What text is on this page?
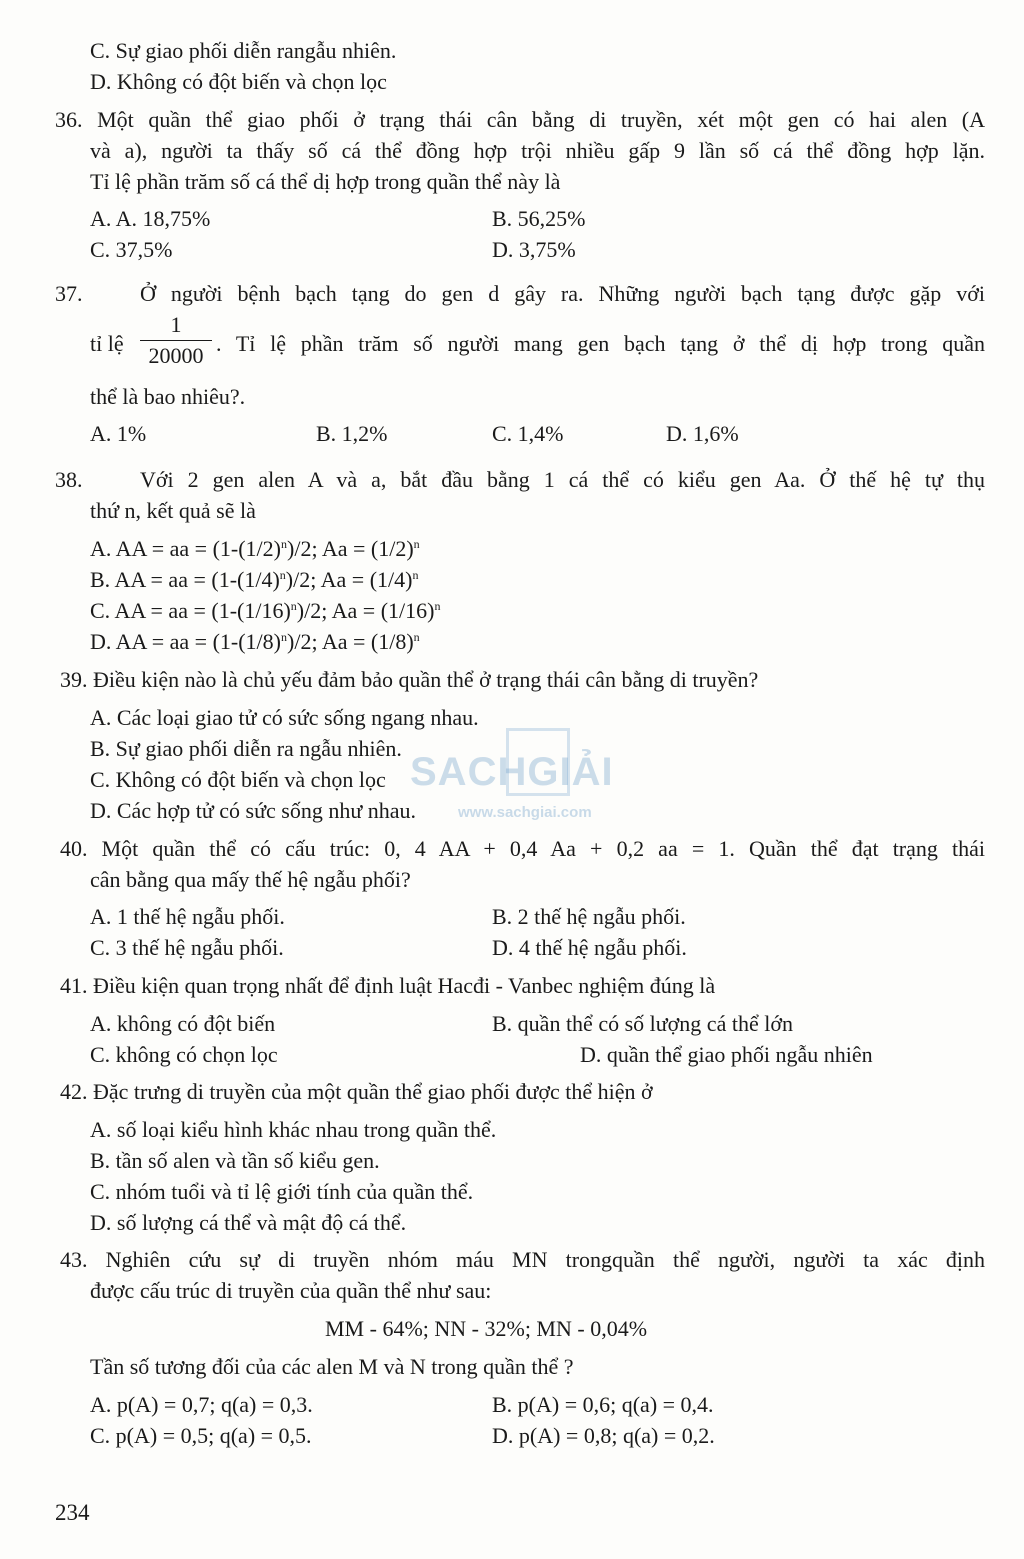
C. Sự giao phối diễn rangẫu nhiên.
D. Không có đột biến và chọn lọc
36. Một quần thể giao phối ở trạng thái cân bằng di truyền, xét một gen có hai alen (A
và a), người ta thấy số cá thể đồng hợp trội nhiều gấp 9 lần số cá thể đồng hợp lặn.
Tỉ lệ phần trăm số cá thể dị hợp trong quần thể này là
A. A. 18,75%	B. 56,25%
C. 37,5%	D. 3,75%
37.	Ở người bệnh bạch tạng do gen d gây ra. Những người bạch tạng được gặp với
tỉ lệ
1
20000 . Tỉ lệ phần trăm số người mang gen bạch tạng ở thể dị hợp trong quần
thể là bao nhiêu?.
A. 1%	B. 1,2%	C. 1,4%	D. 1,6%
38.	Với 2 gen alen A và a, bắt đầu bằng 1 cá thể có kiểu gen Aa. Ở thế hệ tự thụ
thứ n, kết quả sẽ là
A. AA = aa = $(1-(1/2)^n)/2$; $Aa = (1/2)^n$
B. AA = aa = $(1-(1/4)^n)/2$; $Aa = (1/4)^n$
C. AA = aa = $(1-(1/16)^n)/2$; $Aa = (1/16)^n$
D. AA = aa = $(1-(1/8)^n)/2$; $Aa = (1/8)^n$
39. Điều kiện nào là chủ yếu đảm bảo quần thể ở trạng thái cân bằng di truyền?
A. Các loại giao tử có sức sống ngang nhau.
B. Sự giao phối diễn ra ngẫu nhiên.
C. Không có đột biến và chọn lọc
D. Các hợp tử có sức sống như nhau.
40. Một quần thể có cấu trúc: 0, 4 AA + 0,4 Aa + 0,2 aa = 1. Quần thể đạt trạng thái
cân bằng qua mấy thế hệ ngẫu phối?
A. 1 thế hệ ngẫu phối.	B. 2 thế hệ ngẫu phối.
C. 3 thế hệ ngẫu phối.	D. 4 thế hệ ngẫu phối.
41. Điều kiện quan trọng nhất để định luật Hacđi - Vanbec nghiệm đúng là
A. không có đột biến	B. quần thể có số lượng cá thể lớn
C. không có chọn lọc	D. quần thể giao phối ngẫu nhiên
42. Đặc trưng di truyền của một quần thể giao phối được thể hiện ở
A. số loại kiểu hình khác nhau trong quần thể.
B. tần số alen và tần số kiểu gen.
C. nhóm tuổi và tỉ lệ giới tính của quần thể.
D. số lượng cá thể và mật độ cá thể.
43. Nghiên cứu sự di truyền nhóm máu MN trongquần thể người, người ta xác định
được cấu trúc di truyền của quần thể như sau:
MM - 64%; NN - 32%; MN - 0,04%
Tần số tương đối của các alen M và N trong quần thể ?
A. p(A) = 0,7; q(a) = 0,3.	B. p(A) = 0,6; q(a) = 0,4.
C. p(A) = 0,5; q(a) = 0,5.	D. p(A) = 0,8; q(a) = 0,2.
SACHGIẢI
www.sachgiai.com
234
